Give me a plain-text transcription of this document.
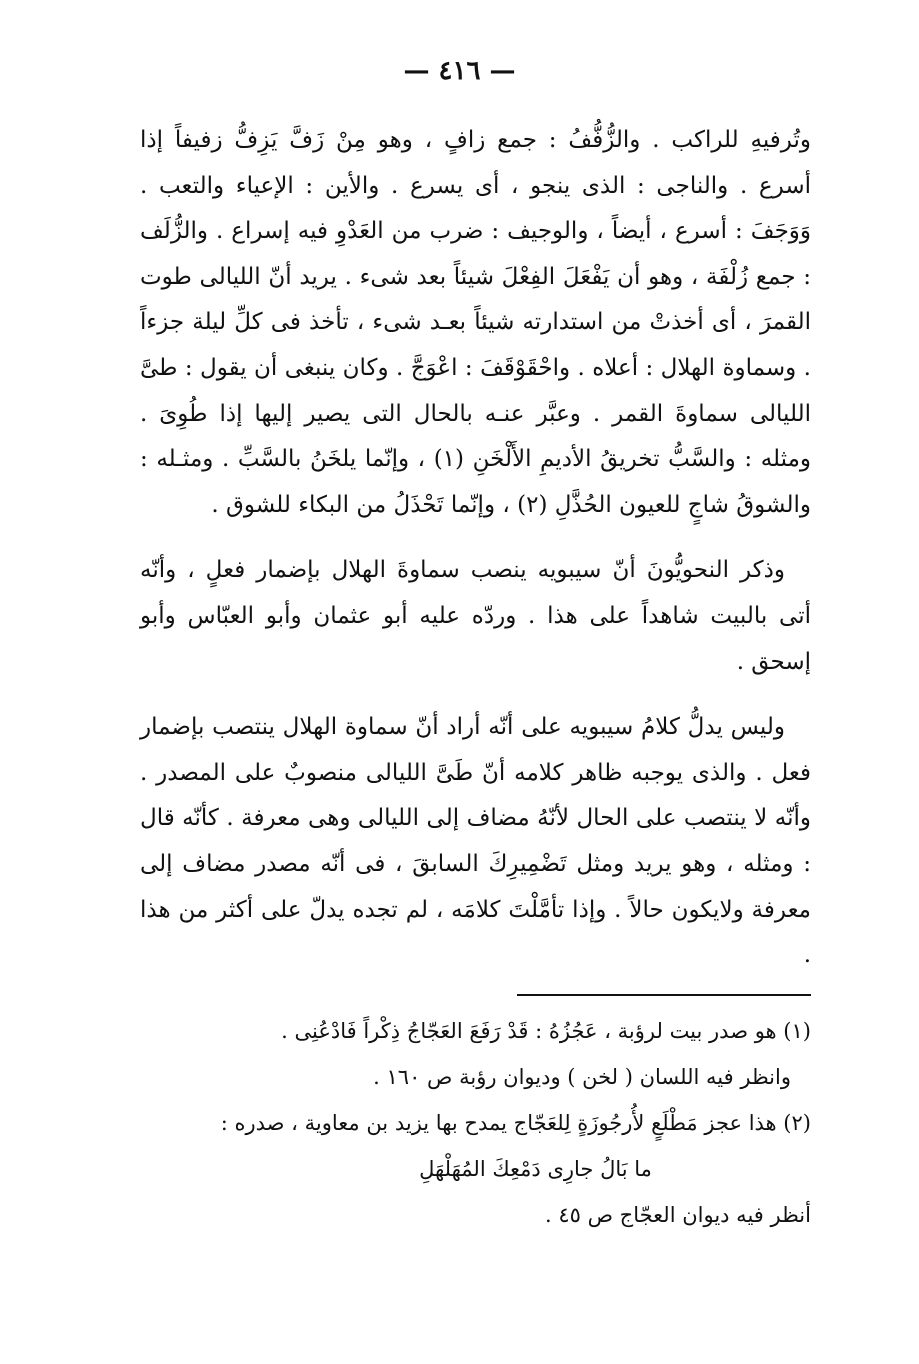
— ٤١٦ —

وتُرفيهِ للراكب . والزُّفُّفُ : جمع زافٍ ، وهو مِنْ زَفَّ يَزِفُّ زفيفاً إذا أسرع . والناجى : الذى ينجو ، أى يسرع . والأين : الإعياء والتعب . وَوَجَفَ : أسرع ، أيضاً ، والوجيف : ضرب من العَدْوِ فيه إسراع . والزُّلَف : جمع زُلْفَة ، وهو أن يَفْعَلَ الفِعْلَ شيئاً بعد شىء . يريد أنّ الليالى طوت القمرَ ، أى أخذتْ من استدارته شيئاً بعـد شىء ، تأخذ فى كلِّ ليلة جزءاً . وسماوة الهلال : أعلاه . واحْقَوْقَفَ : اعْوَجَّ . وكان ينبغى أن يقول : طىَّ الليالى سماوةَ القمر . وعبَّر عنـه بالحال التى يصير إليها إذا طُوِىَ . ومثله : والسَّبُّ تخريقُ الأديمِ الأَلْخَنِ (١) ، وإنّما يلخَنُ بالسَّبِّ . ومثـله : والشوقُ شاجٍ للعيون الحُذَّلِ (٢) ، وإنّما تَحْذَلُ من البكاء للشوق .

وذكر النحويُّونَ أنّ سيبويه ينصب سماوةَ الهلال بإضمار فعلٍ ، وأنّه أتى بالبيت شاهداً على هذا . وردّه عليه أبو عثمان وأبو العبّاس وأبو إسحق .

وليس يدلُّ كلامُ سيبويه على أنّه أراد أنّ سماوة الهلال ينتصب بإضمار فعل . والذى يوجبه ظاهر كلامه أنّ طَىَّ الليالى منصوبٌ على المصدر . وأنّه لا ينتصب على الحال لأنّهُ مضاف إلى الليالى وهى معرفة . كأنّه قال : ومثله ، وهو يريد ومثل تَضْمِيرِكَ السابقَ ، فى أنّه مصدر مضاف إلى معرفة ولايكون حالاً . وإذا تأمَّلْتَ كلامَه ، لم تجده يدلّ على أكثر من هذا .

(١) هو صدر بيت لرؤبة ، عَجُزُهُ : قَدْ رَفَعَ العَجّاجُ ذِكْراً فَادْعُنِى .

وانظر فيه اللسان ( لخن ) وديوان رؤبة ص ١٦٠ .

(٢) هذا عجز مَطْلَعٍ لأُرجُوزَةٍ لِلعَجّاج يمدح بها يزيد بن معاوية ، صدره :

ما بَالُ جارِى دَمْعِكَ المُهَلْهَلِ

أنظر فيه ديوان العجّاج ص ٤٥ .
